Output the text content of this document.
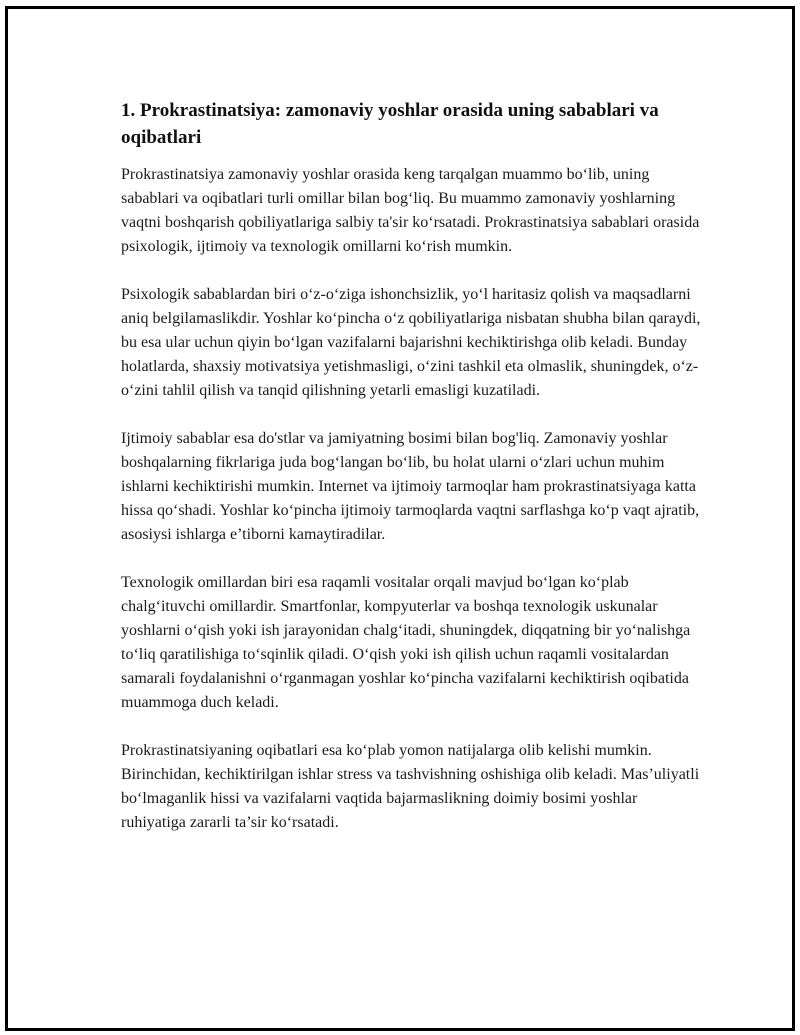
1. Prokrastinatsiya: zamonaviy yoshlar orasida uning sabablari va oqibatlari

Prokrastinatsiya zamonaviy yoshlar orasida keng tarqalgan muammo bo‘lib, uning sabablari va oqibatlari turli omillar bilan bog‘liq. Bu muammo zamonaviy yoshlarning vaqtni boshqarish qobiliyatlariga salbiy ta'sir ko‘rsatadi. Prokrastinatsiya sabablari orasida psixologik, ijtimoiy va texnologik omillarni ko‘rish mumkin.

Psixologik sabablardan biri o‘z-o‘ziga ishonchsizlik, yo‘l haritasiz qolish va maqsadlarni aniq belgilamaslikdir. Yoshlar ko‘pincha o‘z qobiliyatlariga nisbatan shubha bilan qaraydi, bu esa ular uchun qiyin bo‘lgan vazifalarni bajarishni kechiktirishga olib keladi. Bunday holatlarda, shaxsiy motivatsiya yetishmasligi, o‘zini tashkil eta olmaslik, shuningdek, o‘z-o‘zini tahlil qilish va tanqid qilishning yetarli emasligi kuzatiladi.

Ijtimoiy sabablar esa do'stlar va jamiyatning bosimi bilan bog'liq. Zamonaviy yoshlar boshqalarning fikrlariga juda bog‘langan bo‘lib, bu holat ularni o‘zlari uchun muhim ishlarni kechiktirishi mumkin. Internet va ijtimoiy tarmoqlar ham prokrastinatsiyaga katta hissa qo‘shadi. Yoshlar ko‘pincha ijtimoiy tarmoqlarda vaqtni sarflashga ko‘p vaqt ajratib, asosiysi ishlarga e’tiborni kamaytiradilar.

Texnologik omillardan biri esa raqamli vositalar orqali mavjud bo‘lgan ko‘plab chalg‘ituvchi omillardir. Smartfonlar, kompyuterlar va boshqa texnologik uskunalar yoshlarni o‘qish yoki ish jarayonidan chalg‘itadi, shuningdek, diqqatning bir yo‘nalishga to‘liq qaratilishiga to‘sqinlik qiladi. O‘qish yoki ish qilish uchun raqamli vositalardan samarali foydalanishni o‘rganmagan yoshlar ko‘pincha vazifalarni kechiktirish oqibatida muammoga duch keladi.

Prokrastinatsiyaning oqibatlari esa ko‘plab yomon natijalarga olib kelishi mumkin. Birinchidan, kechiktirilgan ishlar stress va tashvishning oshishiga olib keladi. Mas’uliyatli bo‘lmaganlik hissi va vazifalarni vaqtida bajarmaslikning doimiy bosimi yoshlar ruhiyatiga zararli ta’sir ko‘rsatadi.
